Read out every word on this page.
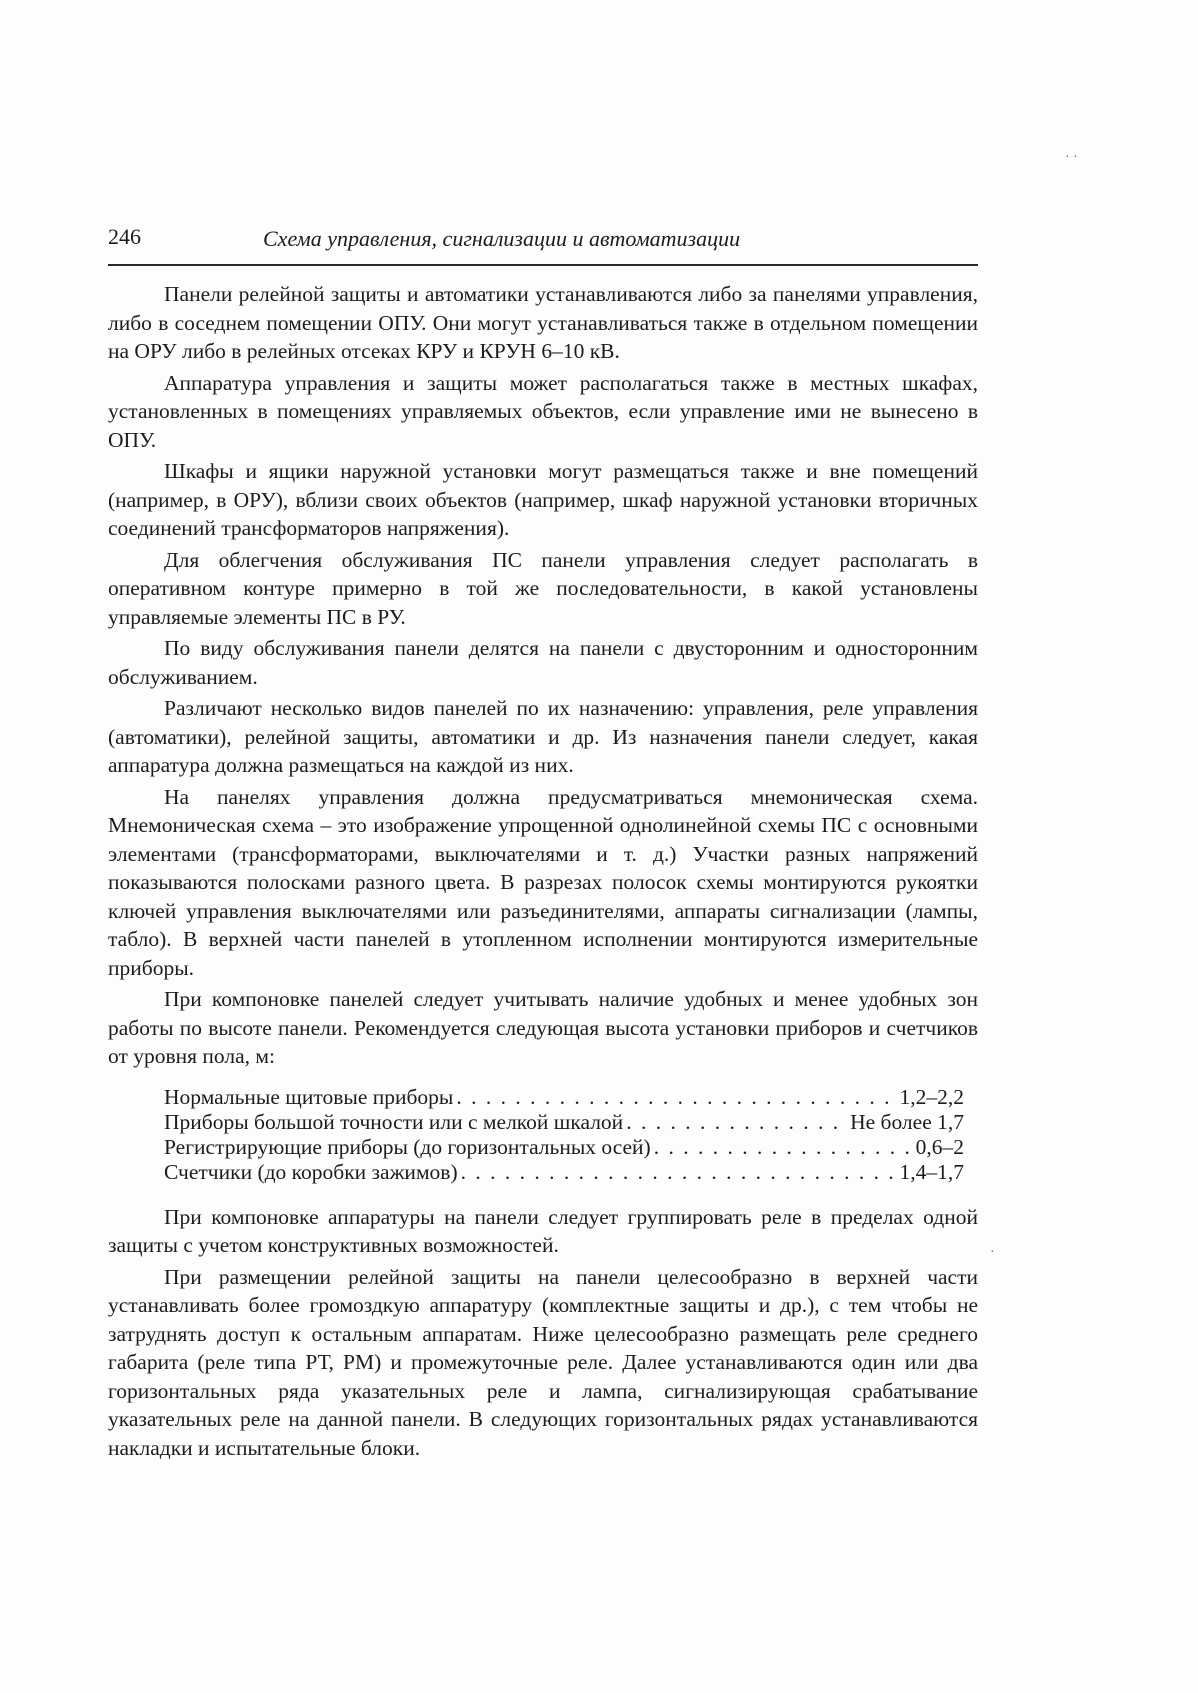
246	Схема управления, сигнализации и автоматизации

Панели релейной защиты и автоматики устанавливаются либо за панелями управления, либо в соседнем помещении ОПУ. Они могут устанавливаться также в отдельном помещении на ОРУ либо в релейных отсеках КРУ и КРУН 6–10 кВ.

Аппаратура управления и защиты может располагаться также в местных шкафах, установленных в помещениях управляемых объектов, если управление ими не вынесено в ОПУ.

Шкафы и ящики наружной установки могут размещаться также и вне помещений (например, в ОРУ), вблизи своих объектов (например, шкаф наружной установки вторичных соединений трансформаторов напряжения).

Для облегчения обслуживания ПС панели управления следует располагать в оперативном контуре примерно в той же последовательности, в какой установлены управляемые элементы ПС в РУ.

По виду обслуживания панели делятся на панели с двусторонним и односторонним обслуживанием.

Различают несколько видов панелей по их назначению: управления, реле управления (автоматики), релейной защиты, автоматики и др. Из назначения панели следует, какая аппаратура должна размещаться на каждой из них.

На панелях управления должна предусматриваться мнемоническая схема. Мнемоническая схема – это изображение упрощенной однолинейной схемы ПС с основными элементами (трансформаторами, выключателями и т. д.) Участки разных напряжений показываются полосками разного цвета. В разрезах полосок схемы монтируются рукоятки ключей управления выключателями или разъединителями, аппараты сигнализации (лампы, табло). В верхней части панелей в утопленном исполнении монтируются измерительные приборы.

При компоновке панелей следует учитывать наличие удобных и менее удобных зон работы по высоте панели. Рекомендуется следующая высота установки приборов и счетчиков от уровня пола, м:

Нормальные щитовые приборы . . .	1,2–2,2
Приборы большой точности или с мелкой шкалой . . .	Не более 1,7
Регистрирующие приборы (до горизонтальных осей) . . .	0,6–2
Счетчики (до коробки зажимов) . . .	1,4–1,7

При компоновке аппаратуры на панели следует группировать реле в пределах одной защиты с учетом конструктивных возможностей.

При размещении релейной защиты на панели целесообразно в верхней части устанавливать более громоздкую аппаратуру (комплектные защиты и др.), с тем чтобы не затруднять доступ к остальным аппаратам. Ниже целесообразно размещать реле среднего габарита (реле типа РТ, РМ) и промежуточные реле. Далее устанавливаются один или два горизонтальных ряда указательных реле и лампа, сигнализирующая срабатывание указательных реле на данной панели. В следующих горизонтальных рядах устанавливаются накладки и испытательные блоки.

· ·
·
